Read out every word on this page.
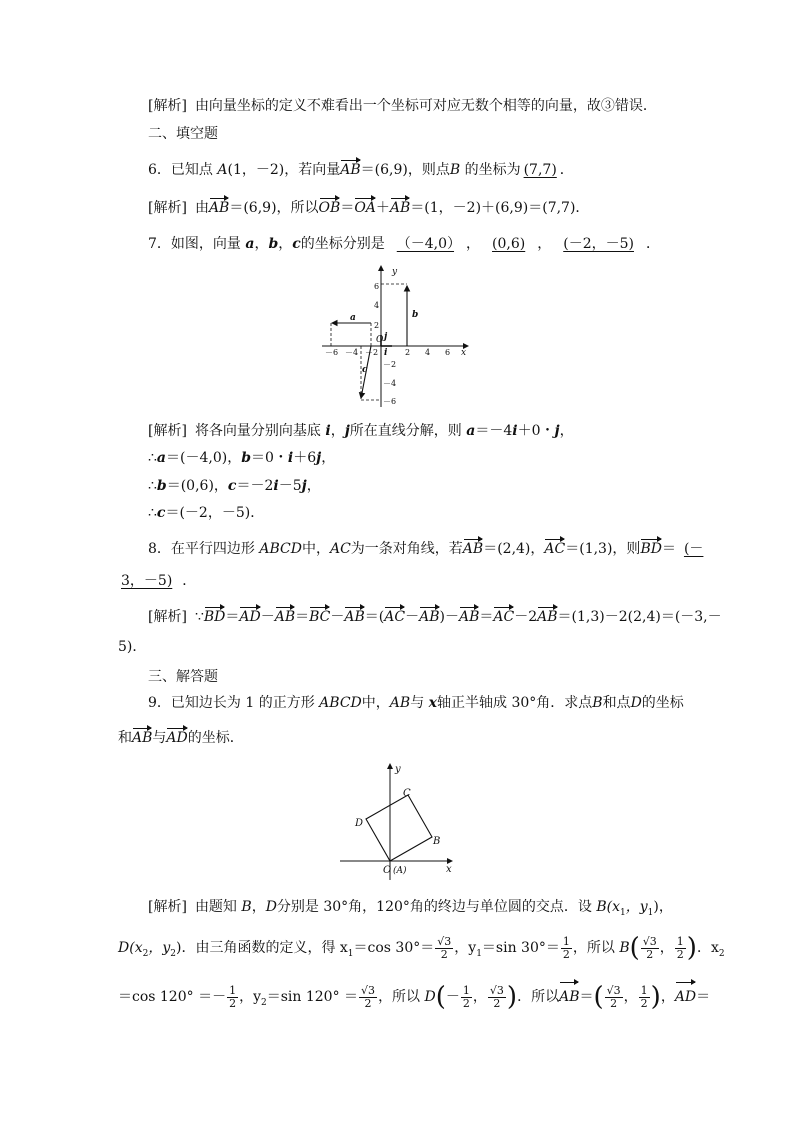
[解析] 由向量坐标的定义不难看出一个坐标可对应无数个相等的向量，故③错误．
二、填空题
6．已知点 A(1，－2)，若向量AB＝(6,9)，则点B 的坐标为 (7,7) ．
[解析] 由AB＝(6,9)，所以OB＝OA＋AB＝(1，－2)＋(6,9)＝(7,7)．
7．如图，向量 a，b，c的坐标分别是 （－4,0） ， (0,6) ， (－2，－5) ．
－6 －4 －2	2 4 6
6
4
2
－2
－4
－6
y
x
O
i
j
a	b
c
[解析] 将各向量分别向基底 i，j所在直线分解，则 a＝－4i＋0・j，
∴a＝(－4,0)，b＝0・i＋6j，
∴b＝(0,6)，c＝－2i－5j，
∴c＝(－2，－5)．
8．在平行四边形 ABCD中，AC为一条对角线，若AB＝(2,4)，AC＝(1,3)，则BD＝ (－
3，－5) ．
[解析] ∵BD＝AD－AB＝BC－AB＝(AC－AB)－AB＝AC－2AB＝(1,3)－2(2,4)＝(－3,－
5)．
三、解答题
9．已知边长为 1 的正方形 ABCD中，AB与 x轴正半轴成 30°角．求点B和点D的坐标
和AB与AD的坐标．
y
x
C
D
B
O (A)
[解析] 由题知 B，D分别是 30°角，120°角的终边与单位圆的交点．设 $B(x_1$，$y_1$)，
$D(x_2$，$y_2$)．由三角函数的定义，得 $x_1=\cos$ $30^\circ= \frac{√3}{2}$ ，$y_1=\sin$ $30^\circ= \frac{1}{2}$ ，所以 $B( \frac{√3}{2}$ ， $\frac{1}{2}$ )．$x_2$
＝cos $120^\circ =- \frac{1}{2}$ ，$y_2=\sin$ $120^\circ = \frac{√3}{2}$ ，所以 $D(- \frac{1}{2}$ ， $\frac{√3}{2}$ )．所以$AB=( \frac{√3}{2}$ ， $\frac{1}{2}$ )，AD＝
